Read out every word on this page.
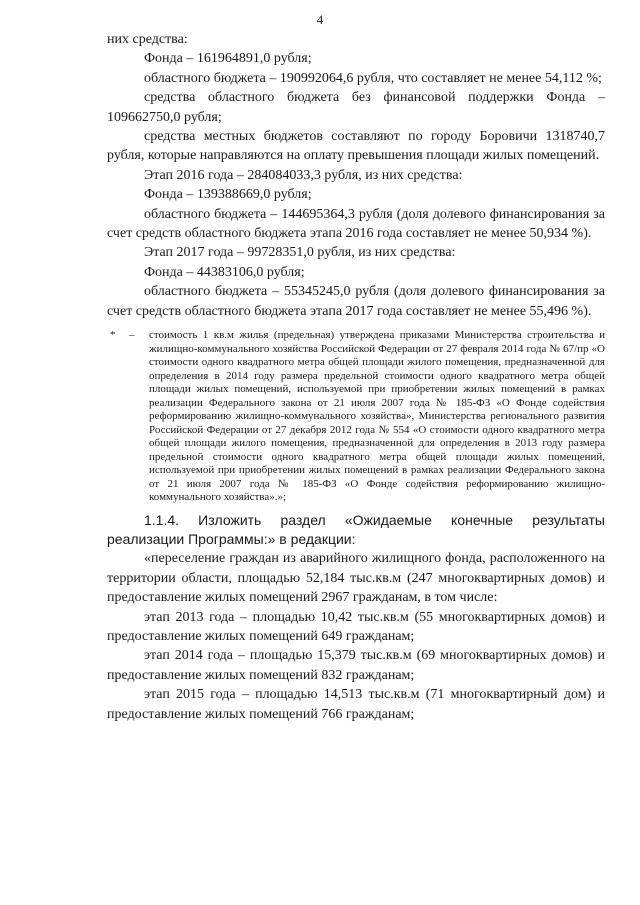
4

них средства:

Фонда – 161964891,0 рубля;

областного бюджета – 190992064,6 рубля, что составляет не менее 54,112 %;

средства областного бюджета без финансовой поддержки Фонда – 109662750,0 рубля;

средства местных бюджетов составляют по городу Боровичи 1318740,7 рубля, которые направляются на оплату превышения площади жилых помещений.

Этап 2016 года – 284084033,3 рубля, из них средства:

Фонда – 139388669,0 рубля;

областного бюджета – 144695364,3 рубля (доля долевого финансирования за счет средств областного бюджета этапа 2016 года составляет не менее 50,934 %).

Этап 2017 года – 99728351,0 рубля, из них средства:

Фонда – 44383106,0 рубля;

областного бюджета – 55345245,0 рубля (доля долевого финансирования за счет средств областного бюджета этапа 2017 года составляет не менее 55,496 %).

* – стоимость 1 кв.м жилья (предельная) утверждена приказами Министерства строительства и жилищно-коммунального хозяйства Российской Федерации от 27 февраля 2014 года № 67/пр «О стоимости одного квадратного метра общей площади жилого помещения, предназначенной для определения в 2014 году размера предельной стоимости одного квадратного метра общей площади жилых помещений, используемой при приобретении жилых помещений в рамках реализации Федерального закона от 21 июля 2007 года № 185-ФЗ «О Фонде содействия реформированию жилищно-коммунального хозяйства», Министерства регионального развития Российской Федерации от 27 декабря 2012 года № 554 «О стоимости одного квадратного метра общей площади жилого помещения, предназначенной для определения в 2013 году размера предельной стоимости одного квадратного метра общей площади жилых помещений, используемой при приобретении жилых помещений в рамках реализации Федерального закона от 21 июля 2007 года № 185-ФЗ «О Фонде содействия реформированию жилищно-коммунального хозяйства».»;

1.1.4. Изложить раздел «Ожидаемые конечные результаты реализации Программы:» в редакции:

«переселение граждан из аварийного жилищного фонда, расположенного на территории области, площадью 52,184 тыс.кв.м (247 многоквартирных домов) и предоставление жилых помещений 2967 гражданам, в том числе:

этап 2013 года – площадью 10,42 тыс.кв.м (55 многоквартирных домов) и предоставление жилых помещений 649 гражданам;

этап 2014 года – площадью 15,379 тыс.кв.м (69 многоквартирных домов) и предоставление жилых помещений 832 гражданам;

этап 2015 года – площадью 14,513 тыс.кв.м (71 многоквартирный дом) и предоставление жилых помещений 766 гражданам;
